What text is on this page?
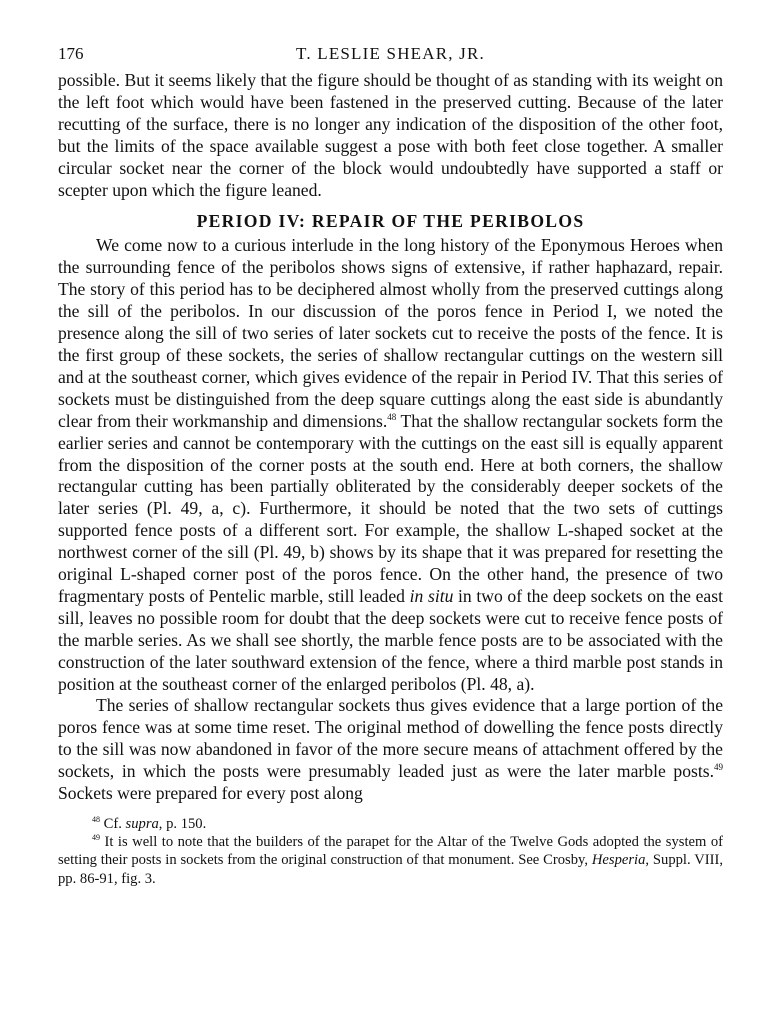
176	T. LESLIE SHEAR, JR.

possible. But it seems likely that the figure should be thought of as standing with its weight on the left foot which would have been fastened in the preserved cutting. Because of the later recutting of the surface, there is no longer any indication of the disposition of the other foot, but the limits of the space available suggest a pose with both feet close together. A smaller circular socket near the corner of the block would undoubtedly have supported a staff or scepter upon which the figure leaned.

PERIOD IV: REPAIR OF THE PERIBOLOS

We come now to a curious interlude in the long history of the Eponymous Heroes when the surrounding fence of the peribolos shows signs of extensive, if rather haphazard, repair. The story of this period has to be deciphered almost wholly from the preserved cuttings along the sill of the peribolos. In our discussion of the poros fence in Period I, we noted the presence along the sill of two series of later sockets cut to receive the posts of the fence. It is the first group of these sockets, the series of shallow rectangular cuttings on the western sill and at the southeast corner, which gives evidence of the repair in Period IV. That this series of sockets must be distinguished from the deep square cuttings along the east side is abundantly clear from their workmanship and dimensions.$^{48}$ That the shallow rectangular sockets form the earlier series and cannot be contemporary with the cuttings on the east sill is equally apparent from the disposition of the corner posts at the south end. Here at both corners, the shallow rectangular cutting has been partially obliterated by the considerably deeper sockets of the later series (Pl. 49, a, c). Furthermore, it should be noted that the two sets of cuttings supported fence posts of a different sort. For example, the shallow L-shaped socket at the northwest corner of the sill (Pl. 49, b) shows by its shape that it was prepared for resetting the original L-shaped corner post of the poros fence. On the other hand, the presence of two fragmentary posts of Pentelic marble, still leaded in situ in two of the deep sockets on the east sill, leaves no possible room for doubt that the deep sockets were cut to receive fence posts of the marble series. As we shall see shortly, the marble fence posts are to be associated with the construction of the later southward extension of the fence, where a third marble post stands in position at the southeast corner of the enlarged peribolos (Pl. 48, a).

The series of shallow rectangular sockets thus gives evidence that a large portion of the poros fence was at some time reset. The original method of dowelling the fence posts directly to the sill was now abandoned in favor of the more secure means of attachment offered by the sockets, in which the posts were presumably leaded just as were the later marble posts.$^{49}$ Sockets were prepared for every post along

$^{48}$ Cf. supra, p. 150.

$^{49}$ It is well to note that the builders of the parapet for the Altar of the Twelve Gods adopted the system of setting their posts in sockets from the original construction of that monument. See Crosby, Hesperia, Suppl. VIII, pp. 86-91, fig. 3.
